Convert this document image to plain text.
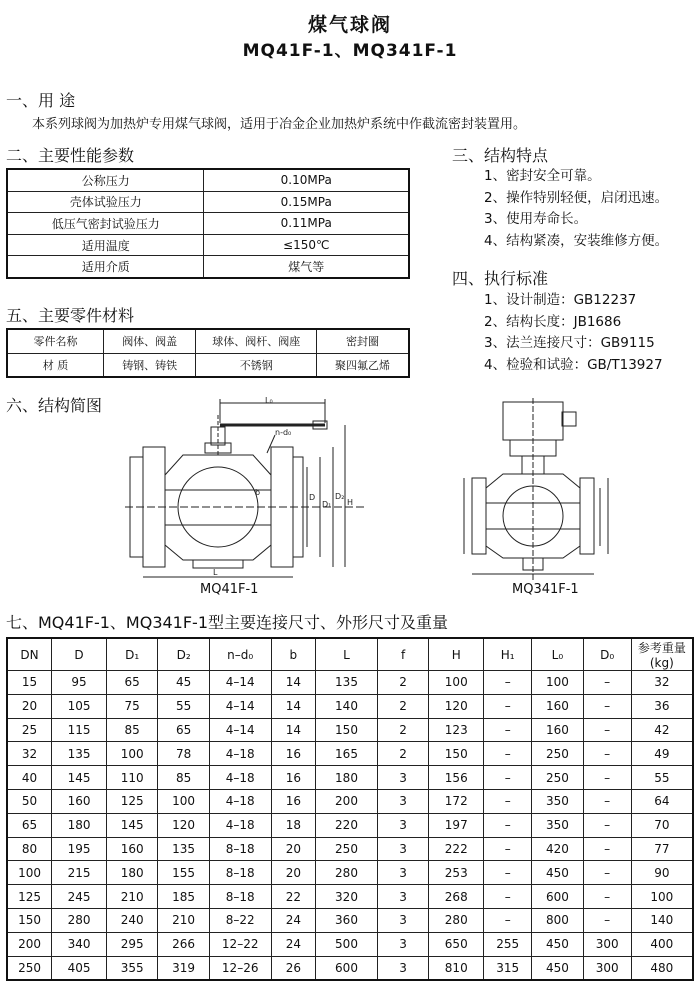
煤气球阀
MQ41F-1、MQ341F-1
一、用 途
本系列球阀为加热炉专用煤气球阀，适用于冶金企业加热炉系统中作截流密封装置用。
二、主要性能参数
公称压力	0.10MPa
壳体试验压力	0.15MPa
低压气密封试验压力	0.11MPa
适用温度	≤150℃
适用介质	煤气等
三、结构特点
1、密封安全可靠。
2、操作特别轻便，启闭迅速。
3、使用寿命长。
4、结构紧凑，安装维修方便。
四、执行标准
1、设计制造：GB12237
2、结构长度：JB1686
3、法兰连接尺寸：GB9115
4、检验和试验：GB/T13927
五、主要零件材料
零件名称	阀体、阀盖	球体、阀杆、阀座	密封圈
材 质	铸钢、铸铁	不锈钢	聚四氟乙烯
六、结构简图	L₀
n-d₀
b
D
D₁
D₂
H
L
MQ41F-1	MQ341F-1
七、MQ41F-1、MQ341F-1型主要连接尺寸、外形尺寸及重量
DN	D	D₁	D₂	n–d₀	b	L	f	H	H₁	L₀	D₀	参考重量(kg)
15	95	65	45	4–14	14	135	2	100	–	100	–	32
20	105	75	55	4–14	14	140	2	120	–	160	–	36
25	115	85	65	4–14	14	150	2	123	–	160	–	42
32	135	100	78	4–18	16	165	2	150	–	250	–	49
40	145	110	85	4–18	16	180	3	156	–	250	–	55
50	160	125	100	4–18	16	200	3	172	–	350	–	64
65	180	145	120	4–18	18	220	3	197	–	350	–	70
80	195	160	135	8–18	20	250	3	222	–	420	–	77
100	215	180	155	8–18	20	280	3	253	–	450	–	90
125	245	210	185	8–18	22	320	3	268	–	600	–	100
150	280	240	210	8–22	24	360	3	280	–	800	–	140
200	340	295	266	12–22	24	500	3	650	255	450	300	400
250	405	355	319	12–26	26	600	3	810	315	450	300	480
